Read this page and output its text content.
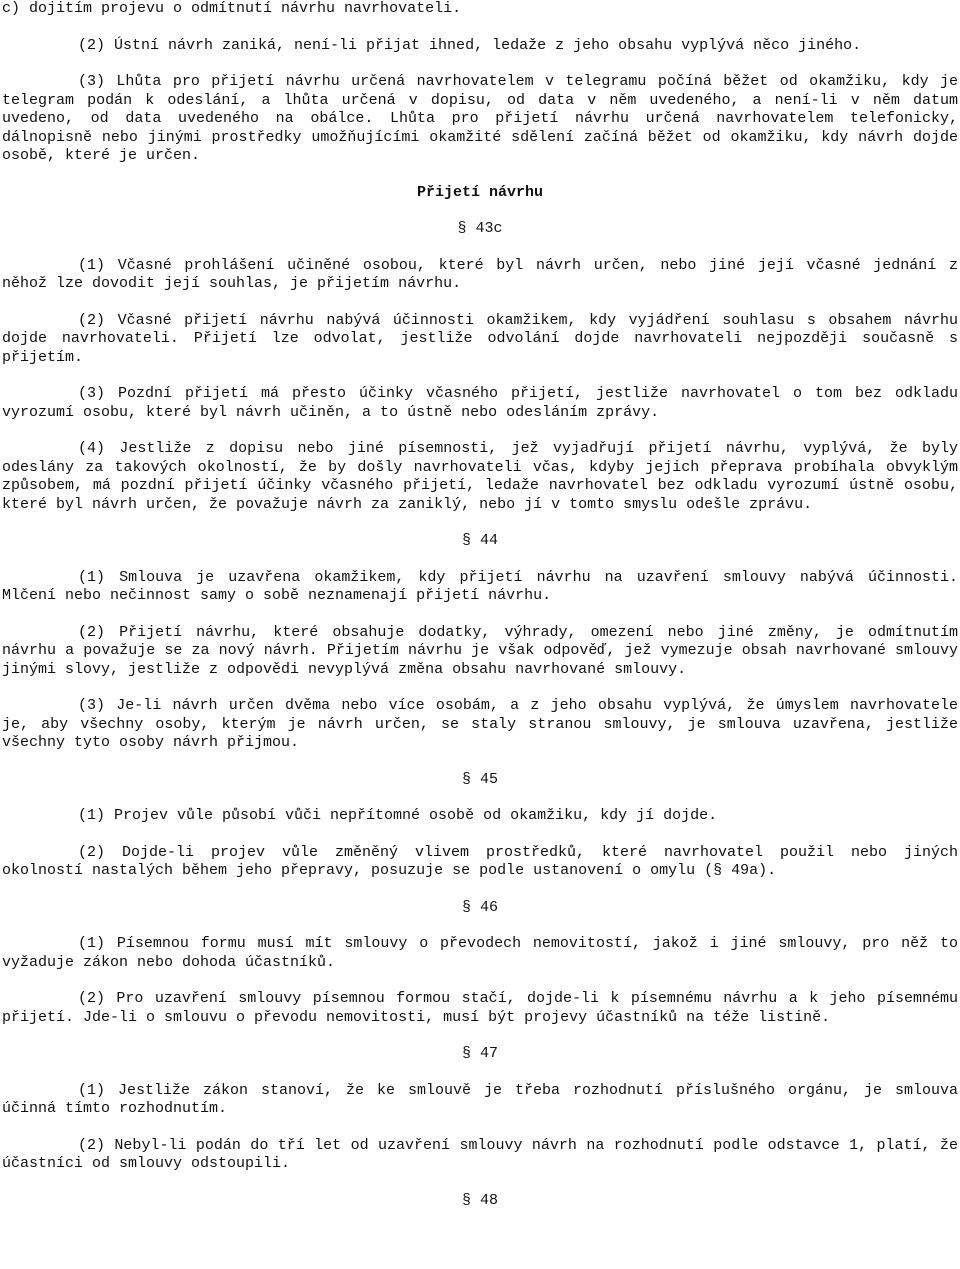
c) dojitím projevu o odmítnutí návrhu navrhovateli.

(2) Ústní návrh zaniká, není-li přijat ihned, ledaže z jeho obsahu vyplývá něco jiného.

(3) Lhůta pro přijetí návrhu určená navrhovatelem v telegramu počíná běžet od okamžiku, kdy je telegram podán k odeslání, a lhůta určená v dopisu, od data v něm uvedeného, a není-li v něm datum uvedeno, od data uvedeného na obálce. Lhůta pro přijetí návrhu určená navrhovatelem telefonicky, dálnopisně nebo jinými prostředky umožňujícími okamžité sdělení začíná běžet od okamžiku, kdy návrh dojde osobě, které je určen.

Přijetí návrhu

§ 43c

(1) Včasné prohlášení učiněné osobou, které byl návrh určen, nebo jiné její včasné jednání z něhož lze dovodit její souhlas, je přijetím návrhu.

(2) Včasné přijetí návrhu nabývá účinnosti okamžikem, kdy vyjádření souhlasu s obsahem návrhu dojde navrhovateli. Přijetí lze odvolat, jestliže odvolání dojde navrhovateli nejpozději současně s přijetím.

(3) Pozdní přijetí má přesto účinky včasného přijetí, jestliže navrhovatel o tom bez odkladu vyrozumí osobu, které byl návrh učiněn, a to ústně nebo odesláním zprávy.

(4) Jestliže z dopisu nebo jiné písemnosti, jež vyjadřují přijetí návrhu, vyplývá, že byly odeslány za takových okolností, že by došly navrhovateli včas, kdyby jejich přeprava probíhala obvyklým způsobem, má pozdní přijetí účinky včasného přijetí, ledaže navrhovatel bez odkladu vyrozumí ústně osobu, které byl návrh určen, že považuje návrh za zaniklý, nebo jí v tomto smyslu odešle zprávu.

§ 44

(1) Smlouva je uzavřena okamžikem, kdy přijetí návrhu na uzavření smlouvy nabývá účinnosti. Mlčení nebo nečinnost samy o sobě neznamenají přijetí návrhu.

(2) Přijetí návrhu, které obsahuje dodatky, výhrady, omezení nebo jiné změny, je odmítnutím návrhu a považuje se za nový návrh. Přijetím návrhu je však odpověď, jež vymezuje obsah navrhované smlouvy jinými slovy, jestliže z odpovědi nevyplývá změna obsahu navrhované smlouvy.

(3) Je-li návrh určen dvěma nebo více osobám, a z jeho obsahu vyplývá, že úmyslem navrhovatele je, aby všechny osoby, kterým je návrh určen, se staly stranou smlouvy, je smlouva uzavřena, jestliže všechny tyto osoby návrh přijmou.

§ 45

(1) Projev vůle působí vůči nepřítomné osobě od okamžiku, kdy jí dojde.

(2) Dojde-li projev vůle změněný vlivem prostředků, které navrhovatel použil nebo jiných okolností nastalých během jeho přepravy, posuzuje se podle ustanovení o omylu (§ 49a).

§ 46

(1) Písemnou formu musí mít smlouvy o převodech nemovitostí, jakož i jiné smlouvy, pro něž to vyžaduje zákon nebo dohoda účastníků.

(2) Pro uzavření smlouvy písemnou formou stačí, dojde-li k písemnému návrhu a k jeho písemnému přijetí. Jde-li o smlouvu o převodu nemovitosti, musí být projevy účastníků na téže listině.

§ 47

(1) Jestliže zákon stanoví, že ke smlouvě je třeba rozhodnutí příslušného orgánu, je smlouva účinná tímto rozhodnutím.

(2) Nebyl-li podán do tří let od uzavření smlouvy návrh na rozhodnutí podle odstavce 1, platí, že účastníci od smlouvy odstoupili.

§ 48
